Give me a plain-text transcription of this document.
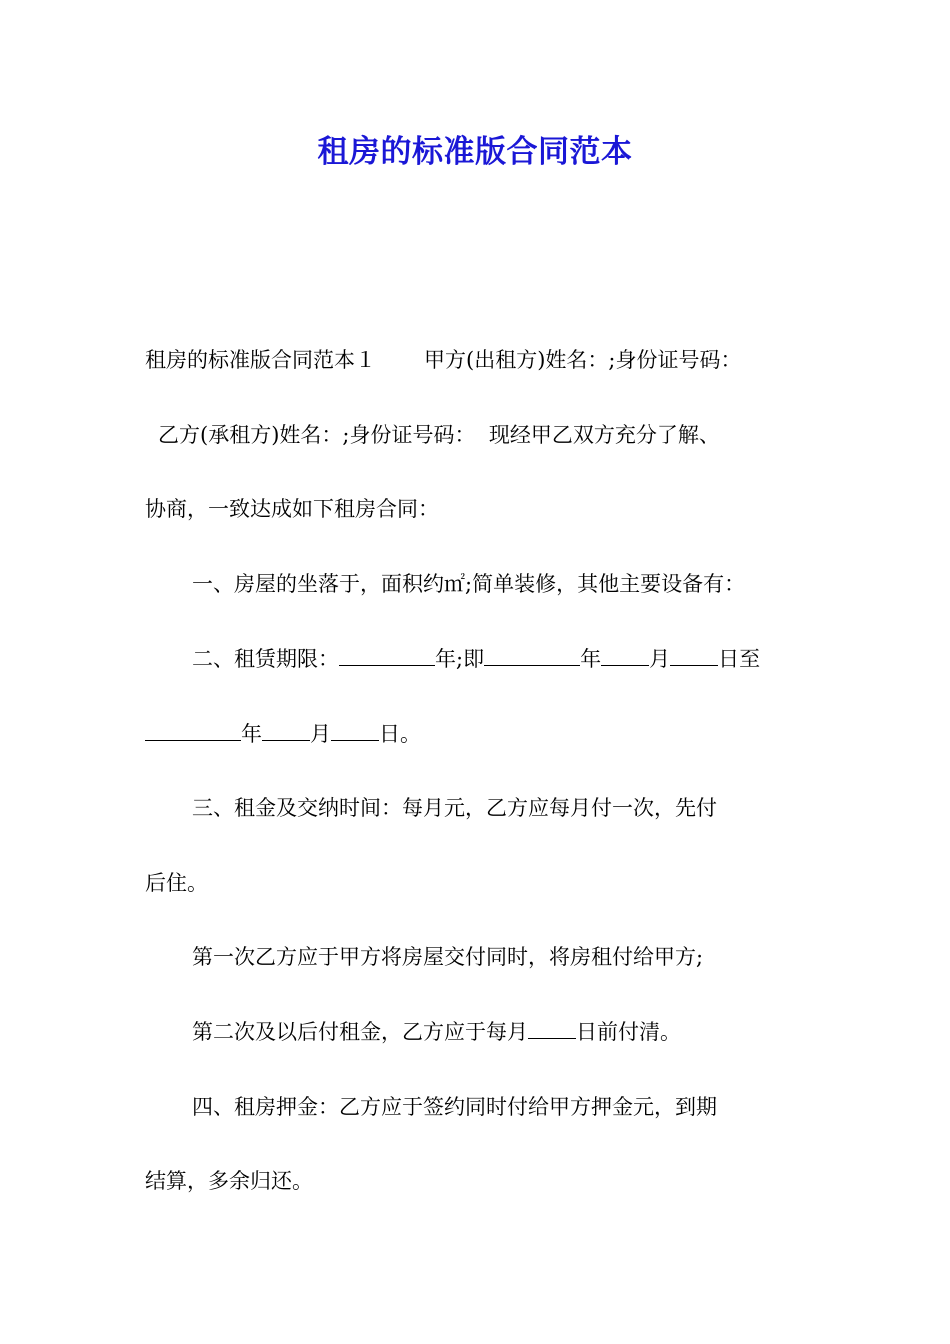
租房的标准版合同范本
租房的标准版合同范本１ 甲方(出租方)姓名：;身份证号码：
乙方(承租方)姓名：;身份证号码： 现经甲乙双方充分了解、
协商，一致达成如下租房合同：
一、房屋的坐落于，面积约㎡;简单装修，其他主要设备有：
二、租赁期限：	年;即	年 月 日至
年 月 日。
三、租金及交纳时间：每月元，乙方应每月付一次，先付
后住。
第一次乙方应于甲方将房屋交付同时，将房租付给甲方;
第二次及以后付租金，乙方应于每月 日前付清。
四、租房押金：乙方应于签约同时付给甲方押金元，到期
结算，多余归还。
